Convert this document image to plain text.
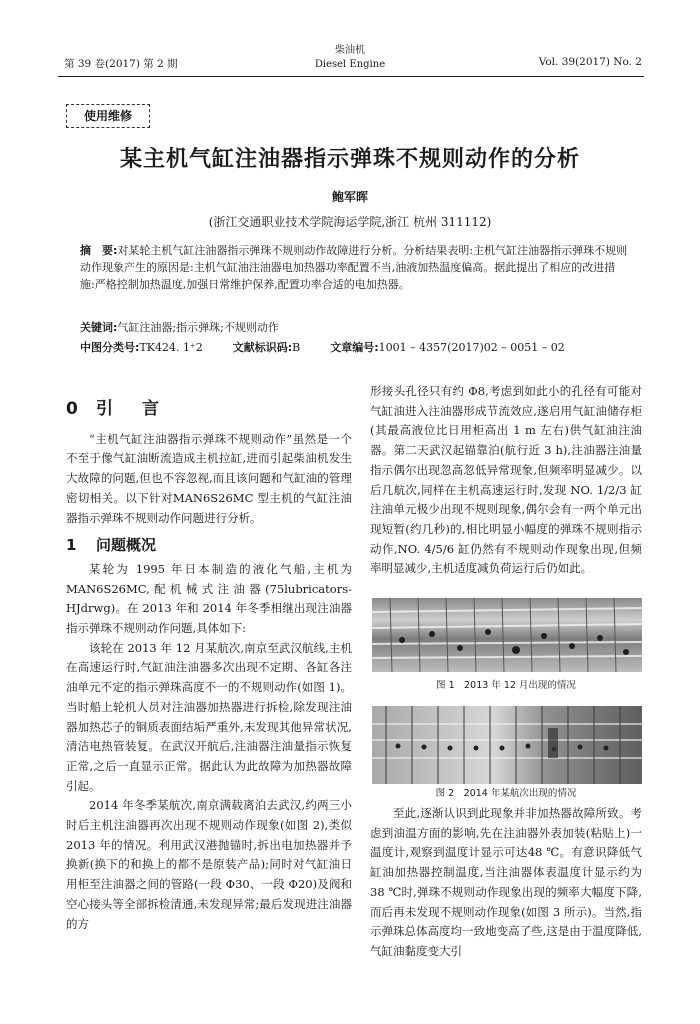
第 39 卷(2017) 第 2 期
柴油机
Diesel Engine	Vol. 39(2017) No. 2
使用维修
某主机气缸注油器指示弹珠不规则动作的分析
鲍军晖
(浙江交通职业技术学院海运学院,浙江 杭州 311112)
摘　要:对某轮主机气缸注油器指示弹珠不规则动作故障进行分析。分析结果表明:主机气缸注油器指示弹珠不规则动作现象产生的原因是:主机气缸油注油器电加热器功率配置不当,油液加热温度偏高。据此提出了相应的改进措施:严格控制加热温度,加强日常维护保养,配置功率合适的电加热器。
关键词:气缸注油器;指示弹珠;不规则动作
中图分类号:TK424. 1⁺2	文献标识码:B	文章编号:1001 – 4357(2017)02 – 0051 – 02
0 引　言

“主机气缸注油器指示弹珠不规则动作”虽然是一个不至于像气缸油断流造成主机拉缸,进而引起柴油机发生大故障的问题,但也不容忽视,而且该问题和气缸油的管理密切相关。以下针对MAN6S26MC 型主机的气缸注油器指示弹珠不规则动作问题进行分析。

1 问题概况

某轮为 1995 年日本制造的液化气船,主机为MAN6S26MC,配机械式注油器(75lubricators-HJdrwg)。在 2013 年和 2014 年冬季相继出现注油器指示弹珠不规则动作问题,具体如下:

该轮在 2013 年 12 月某航次,南京至武汉航线,主机在高速运行时,气缸油注油器多次出现不定期、各缸各注油单元不定的指示弹珠高度不一的不规则动作(如图 1)。当时船上轮机人员对注油器加热器进行拆检,除发现注油器加热芯子的铜质表面结垢严重外,未发现其他异常状况,清洁电热管装复。在武汉开航后,注油器注油量指示恢复正常,之后一直显示正常。据此认为此故障为加热器故障引起。

2014 年冬季某航次,南京满载离泊去武汉,约两三小时后主机注油器再次出现不规则动作现象(如图 2),类似 2013 年的情况。利用武汉港抛锚时,拆出电加热器并予换新(换下的和换上的都不是原装产品);同时对气缸油日用柜至注油器之间的管路(一段 Φ30、一段 Φ20)及阀和空心接头等全部拆检清通,未发现异常;最后发现进注油器的方

形接头孔径只有约 Φ8,考虑到如此小的孔径有可能对气缸油进入注油器形成节流效应,遂启用气缸油储存柜(其最高液位比日用柜高出 1 m 左右)供气缸油注油器。第二天武汉起锚靠泊(航行近 3 h),注油器注油量指示偶尔出现忽高忽低异常现象,但频率明显减少。以后几航次,同样在主机高速运行时,发现 NO. 1/2/3 缸注油单元极少出现不规则现象,偶尔会有一两个单元出现短暂(约几秒)的,相比明显小幅度的弹珠不规则指示动作,NO. 4/5/6 缸仍然有不规则动作现象出现,但频率明显减少,主机适度减负荷运行后仍如此。

图 1　2013 年 12 月出现的情况
图 2　2014 年某航次出现的情况

至此,逐渐认识到此现象并非加热器故障所致。考虑到油温方面的影响,先在注油器外表加装(粘贴上)一温度计,观察到温度计显示可达48 ℃。有意识降低气缸油加热器控制温度,当注油器体表温度计显示约为 38 ℃时,弹珠不规则动作现象出现的频率大幅度下降,而后再未发现不规则动作现象(如图 3 所示)。当然,指示弹珠总体高度均一致地变高了些,这是由于温度降低,气缸油黏度变大引
